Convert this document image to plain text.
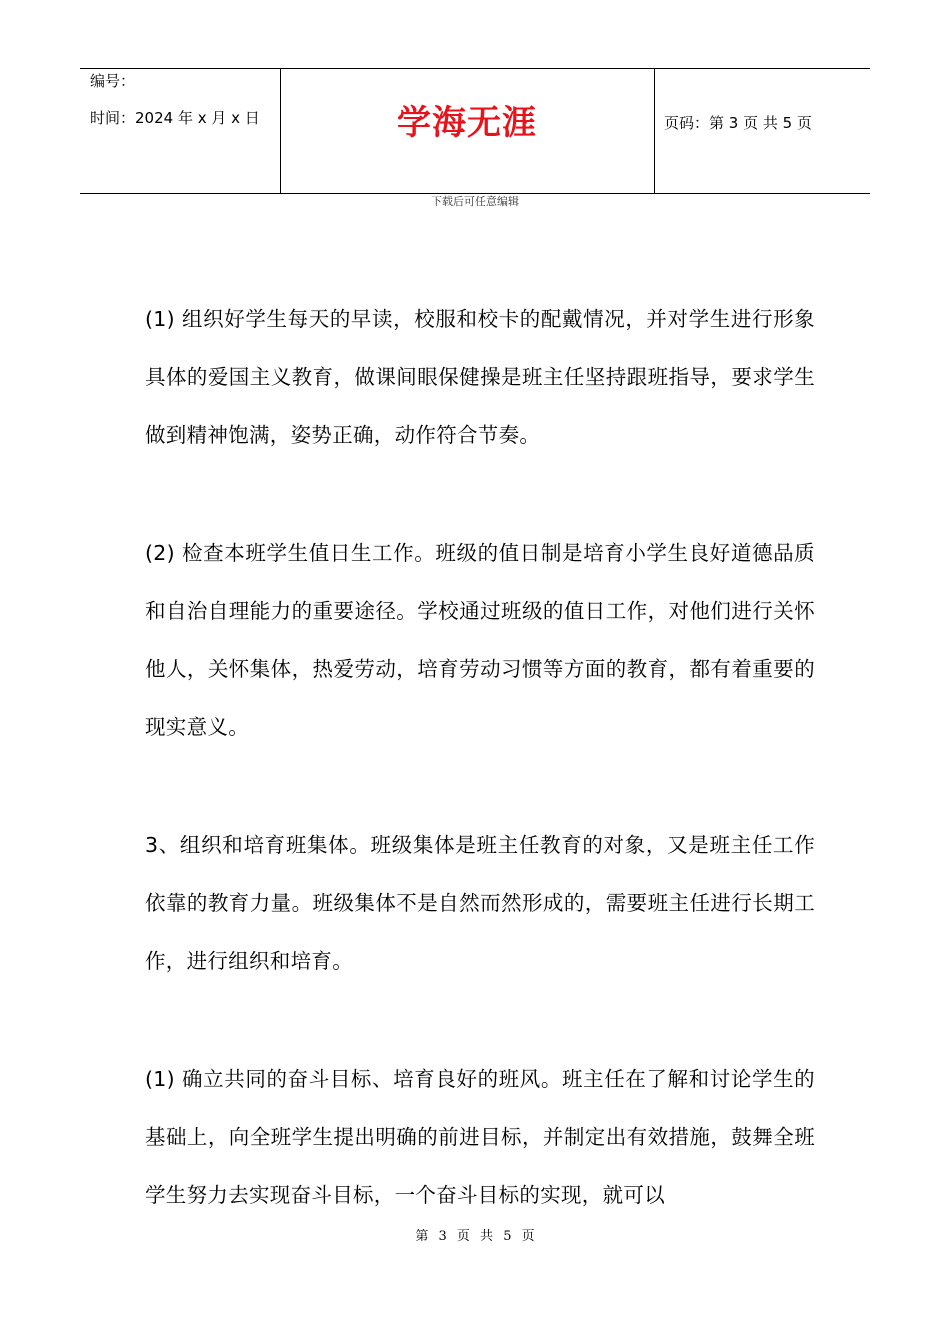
编号：
时间：2024 年 x 月 x 日	学海无涯	页码：第 3 页 共 5 页
下载后可任意编辑

(1) 组织好学生每天的早读，校服和校卡的配戴情况，并对学生进行形象具体的爱国主义教育，做课间眼保健操是班主任坚持跟班指导，要求学生做到精神饱满，姿势正确，动作符合节奏。

(2) 检查本班学生值日生工作。班级的值日制是培育小学生良好道德品质和自治自理能力的重要途径。学校通过班级的值日工作，对他们进行关怀他人，关怀集体，热爱劳动，培育劳动习惯等方面的教育，都有着重要的现实意义。

3、组织和培育班集体。班级集体是班主任教育的对象，又是班主任工作依靠的教育力量。班级集体不是自然而然形成的，需要班主任进行长期工作，进行组织和培育。

(1) 确立共同的奋斗目标、培育良好的班风。班主任在了解和讨论学生的基础上，向全班学生提出明确的前进目标，并制定出有效措施，鼓舞全班学生努力去实现奋斗目标，一个奋斗目标的实现，就可以

第 3 页 共 5 页
